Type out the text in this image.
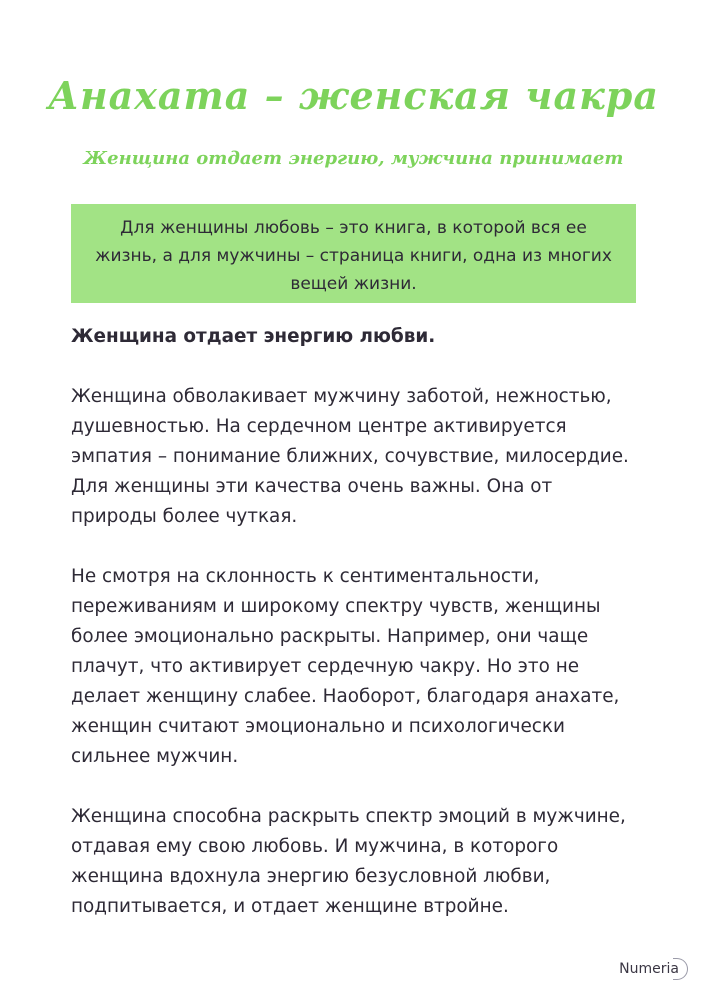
Анахата – женская чакра
Женщина отдает энергию, мужчина принимает
Для женщины любовь – это книга, в которой вся ее жизнь, а для мужчины – страница книги, одна из многих вещей жизни.

Женщина отдает энергию любви.

Женщина обволакивает мужчину заботой, нежностью, душевностью. На сердечном центре активируется эмпатия – понимание ближних, сочувствие, милосердие. Для женщины эти качества очень важны. Она от природы более чуткая.

Не смотря на склонность к сентиментальности, переживаниям и широкому спектру чувств, женщины более эмоционально раскрыты. Например, они чаще плачут, что активирует сердечную чакру. Но это не делает женщину слабее. Наоборот, благодаря анахате, женщин считают эмоционально и психологически сильнее мужчин.

Женщина способна раскрыть спектр эмоций в мужчине, отдавая ему свою любовь. И мужчина, в которого женщина вдохнула энергию безусловной любви, подпитывается, и отдает женщине втройне.

Numeria
